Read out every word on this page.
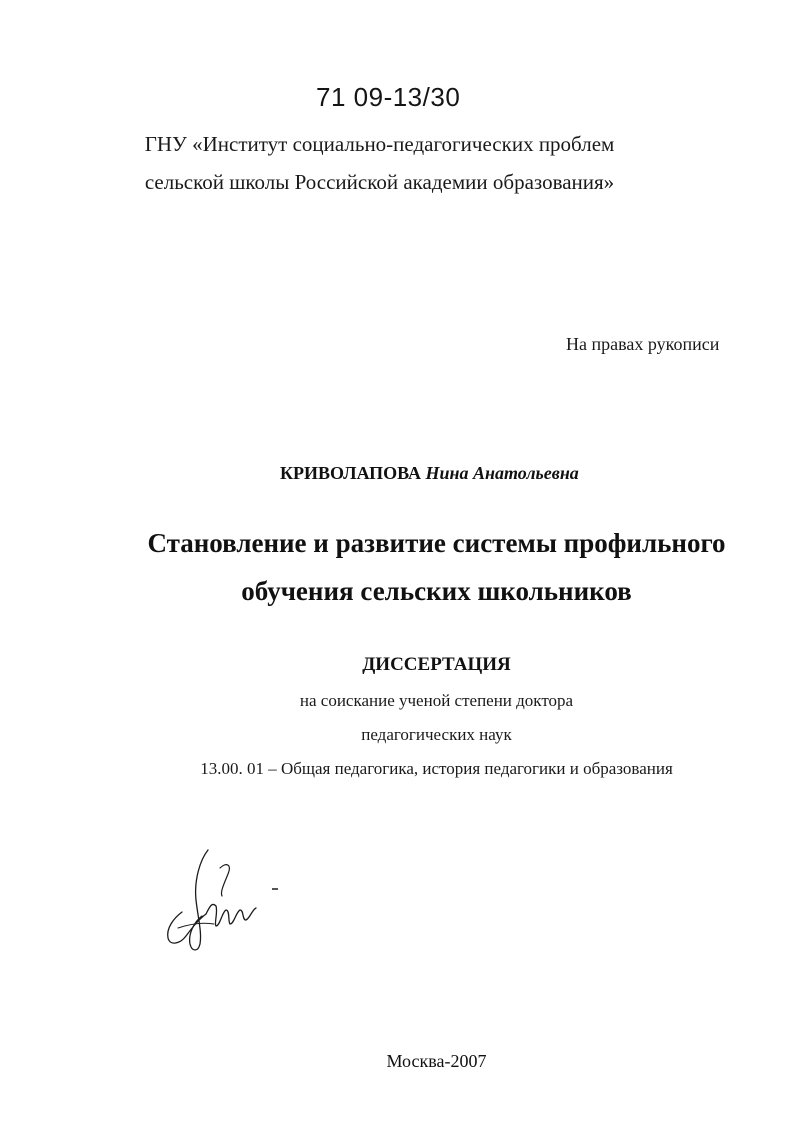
71 09-13/30
ГНУ «Институт социально-педагогических проблем
сельской школы Российской академии образования»
На правах рукописи
КРИВОЛАПОВА Нина Анатольевна
Становление и развитие системы профильного
обучения сельских школьников
ДИССЕРТАЦИЯ
на соискание ученой степени доктора
педагогических наук
13.00. 01 – Общая педагогика, история педагогики и образования
Москва-2007
